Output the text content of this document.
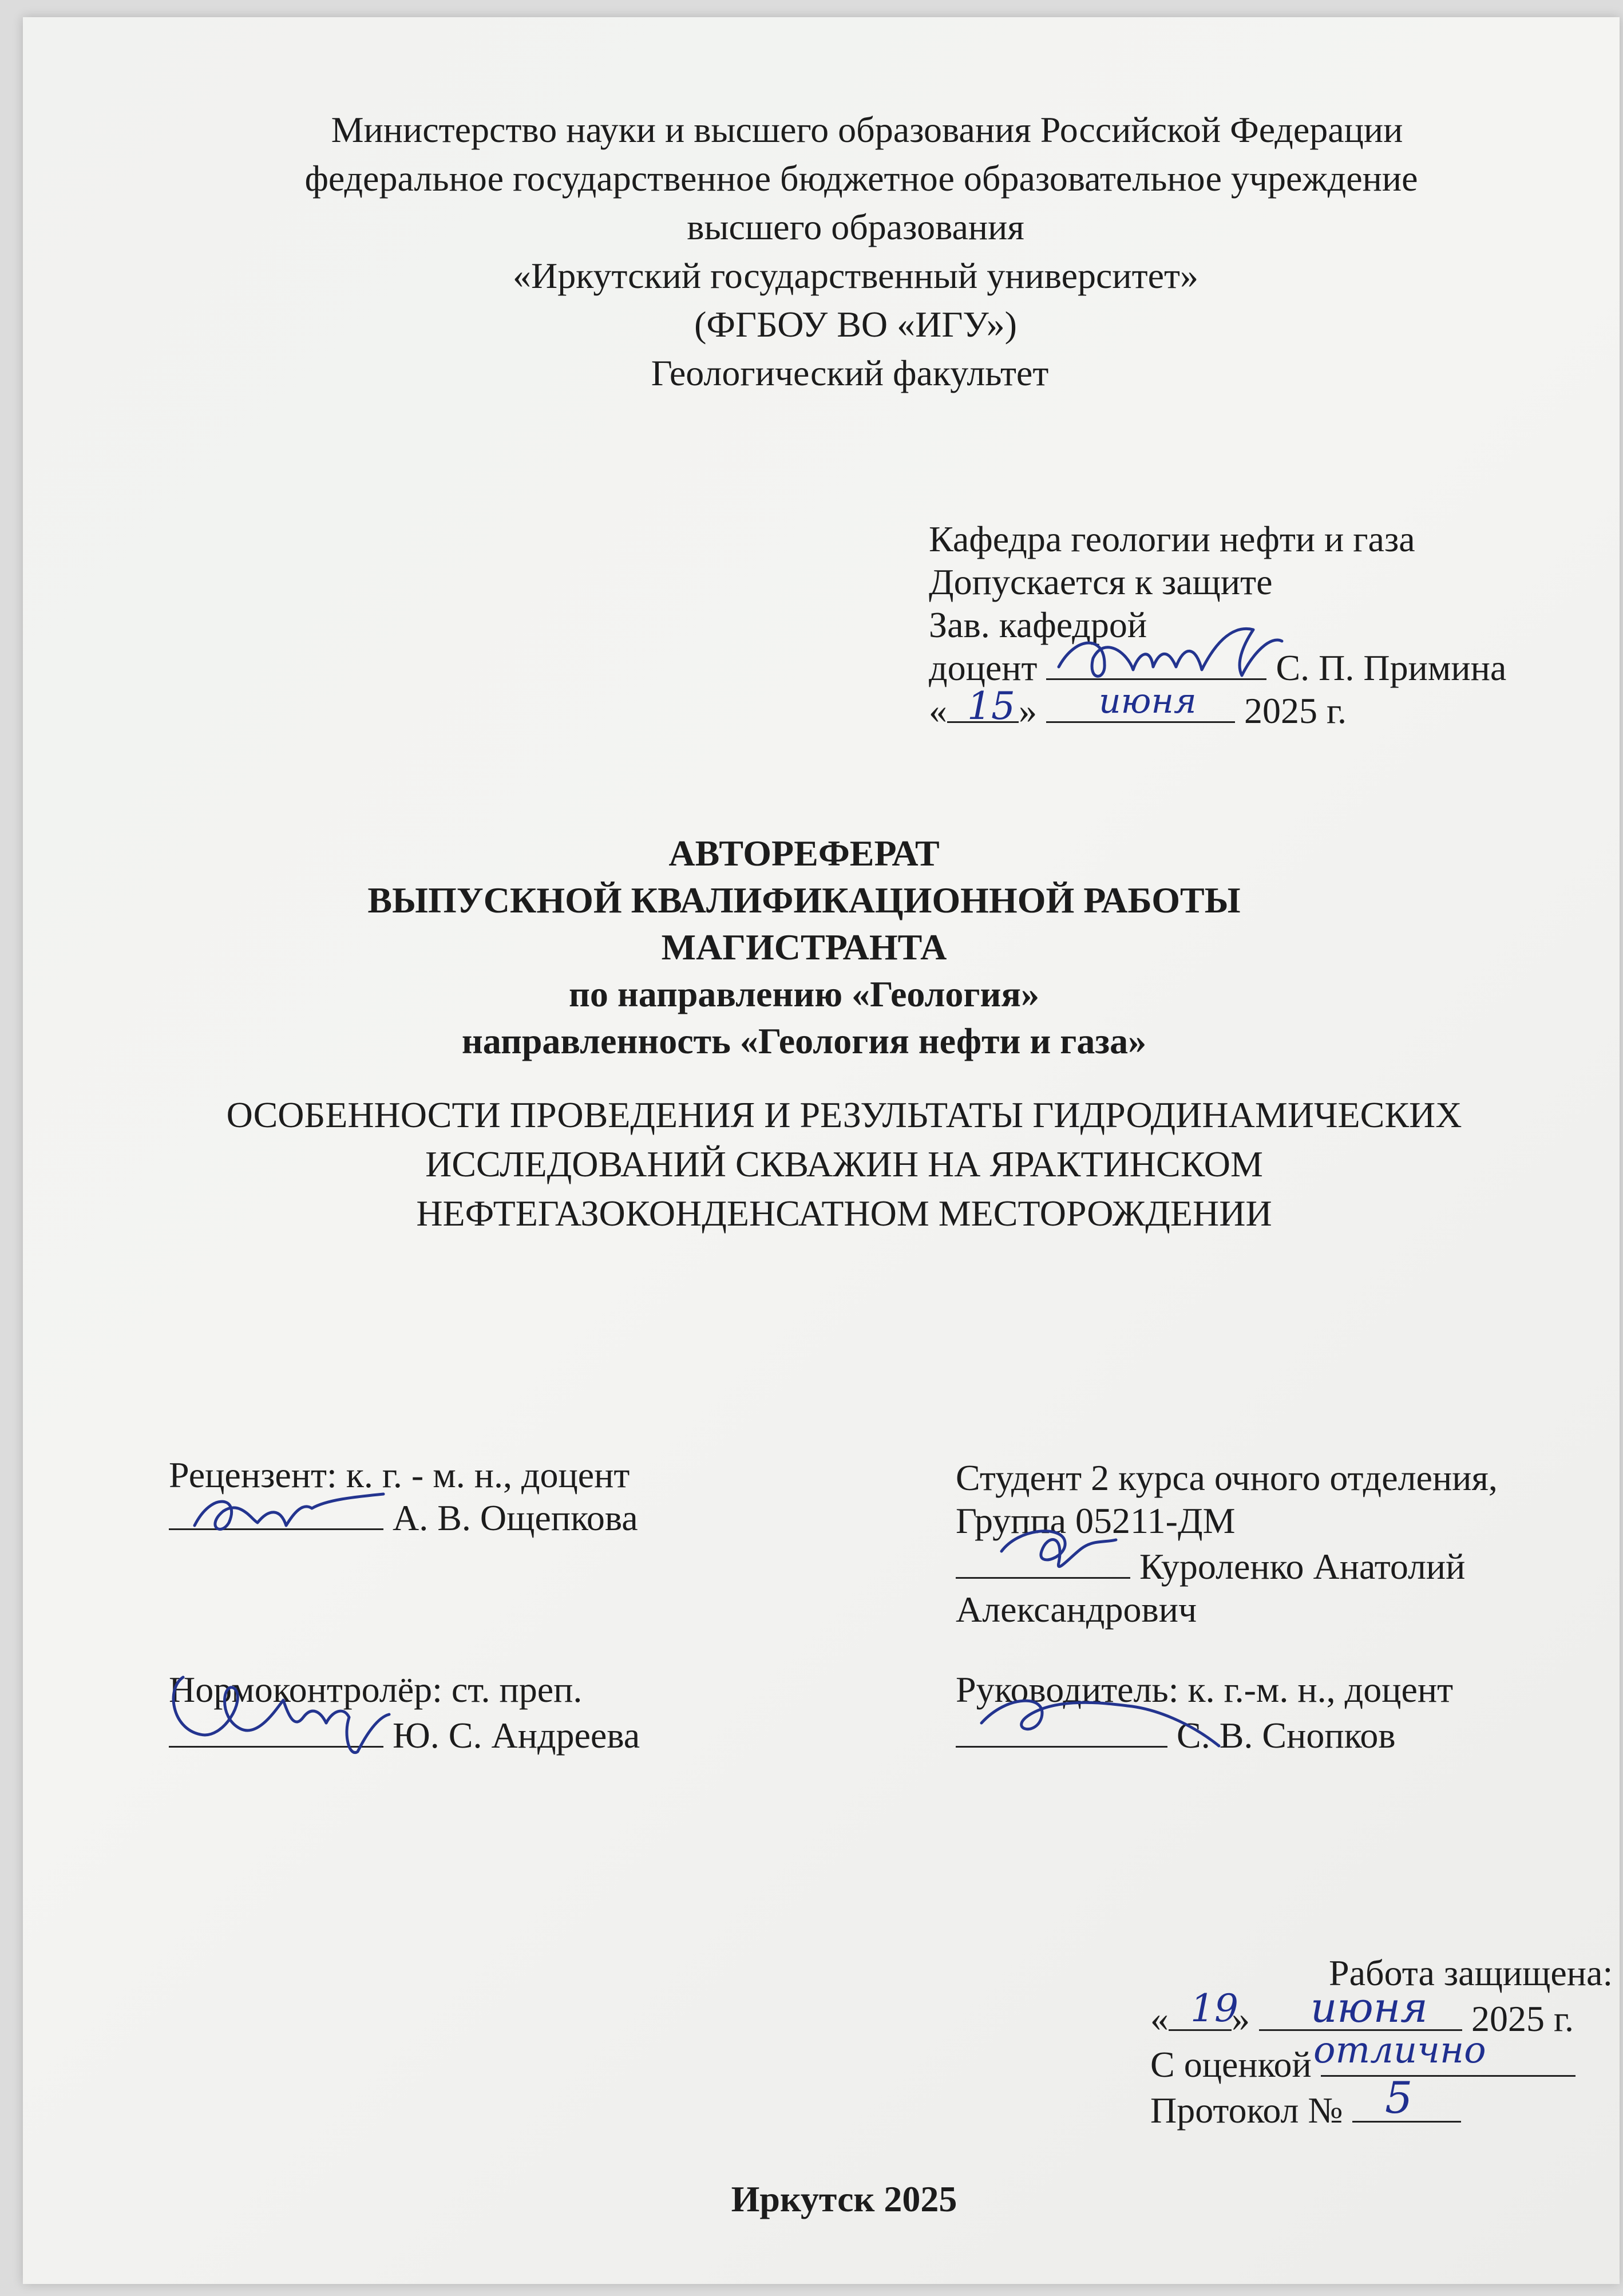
Министерство науки и высшего образования Российской Федерации
федеральное государственное бюджетное образовательное учреждение
высшего образования
«Иркутский государственный университет»
(ФГБОУ ВО «ИГУ»)
Геологический факультет
Кафедра геологии нефти и газа
Допускается к защите
Зав. кафедрой
доцент	С. П. Примина
« »	2025 г.
15 июня
АВТОРЕФЕРАТ
ВЫПУСКНОЙ КВАЛИФИКАЦИОННОЙ РАБОТЫ
МАГИСТРАНТА
по направлению «Геология»
направленность «Геология нефти и газа»
ОСОБЕННОСТИ ПРОВЕДЕНИЯ И РЕЗУЛЬТАТЫ ГИДРОДИНАМИЧЕСКИХ
ИССЛЕДОВАНИЙ СКВАЖИН НА ЯРАКТИНСКОМ
НЕФТЕГАЗОКОНДЕНСАТНОМ МЕСТОРОЖДЕНИИ
Рецензент: к. г. - м. н., доцент
А. В. Ощепкова
Студент 2 курса очного отделения,
Группа 05211-ДМ
Куроленко Анатолий
Александрович
Нормоконтролёр: ст. преп.
Ю. С. Андреева
Руководитель: к. г.-м. н., доцент
С. В. Снопков
Работа защищена:
« »	2025 г.
19 июня
С оценкой отлично
Протокол № 5
Иркутск 2025
